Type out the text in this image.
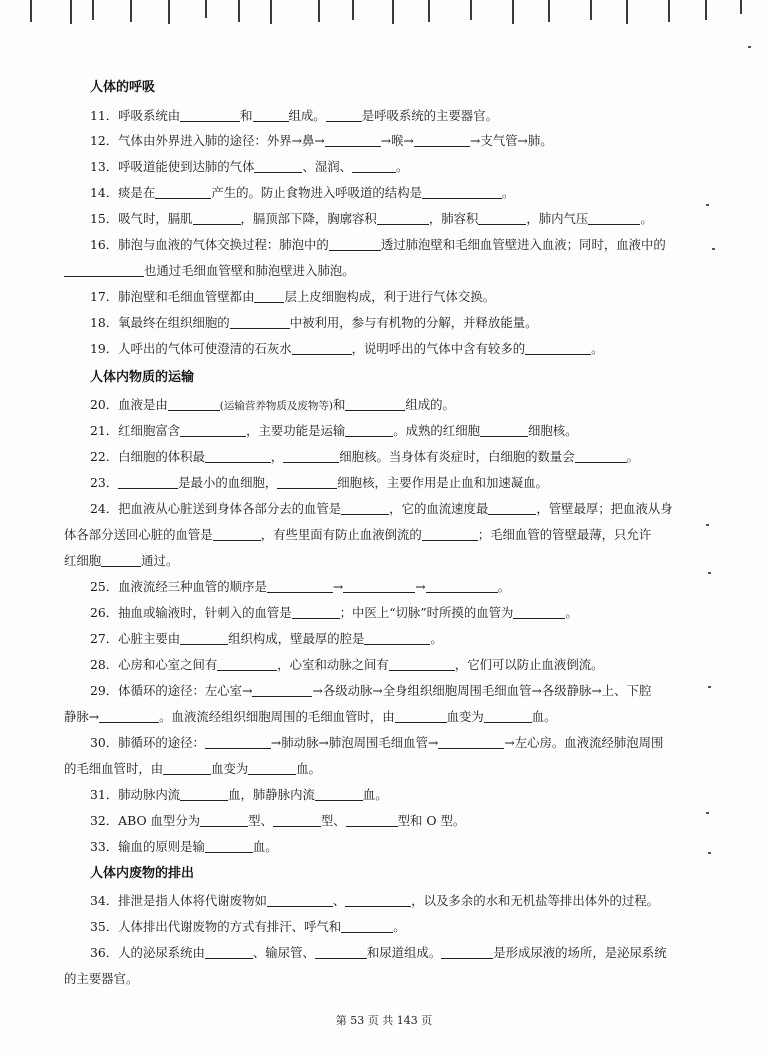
人体的呼吸
11．呼吸系统由	和	组成。	是呼吸系统的主要器官。
12．气体由外界进入肺的途径：外界→鼻→	→喉→	→支气管→肺。
13．呼吸道能使到达肺的气体	、湿润、	。
14．痰是在	产生的。防止食物进入呼吸道的结构是	。
15．吸气时，膈肌	，膈顶部下降，胸廓容积	，肺容积	，肺内气压	。
16．肺泡与血液的气体交换过程：肺泡中的	透过肺泡壁和毛细血管壁进入血液；同时，血液中的
也通过毛细血管壁和肺泡壁进入肺泡。
17．肺泡壁和毛细血管壁都由 层上皮细胞构成，利于进行气体交换。
18．氧最终在组织细胞的	中被利用，参与有机物的分解，并释放能量。
19．人呼出的气体可使澄清的石灰水	，说明呼出的气体中含有较多的	。
人体内物质的运输
20．血液是由	(运输营养物质及废物等)和	组成的。
21．红细胞富含	，主要功能是运输	。成熟的红细胞	细胞核。
22．白细胞的体积最	，	细胞核。当身体有炎症时，白细胞的数量会	。
23．	是最小的血细胞，	细胞核，主要作用是止血和加速凝血。
24．把血液从心脏送到身体各部分去的血管是	，它的血流速度最	，管壁最厚；把血液从身
体各部分送回心脏的血管是	，有些里面有防止血液倒流的	；毛细血管的管壁最薄，只允许
红细胞	通过。
25．血液流经三种血管的顺序是	→	→	。
26．抽血或输液时，针刺入的血管是	；中医上“切脉”时所摸的血管为	。
27．心脏主要由	组织构成，壁最厚的腔是	。
28．心房和心室之间有	，心室和动脉之间有	，它们可以防止血液倒流。
29．体循环的途径：左心室→	→各级动脉→全身组织细胞周围毛细血管→各级静脉→上、下腔
静脉→	。血液流经组织细胞周围的毛细血管时，由	血变为	血。
30．肺循环的途径：	→肺动脉→肺泡周围毛细血管→	→左心房。血液流经肺泡周围
的毛细血管时，由	血变为	血。
31．肺动脉内流	血，肺静脉内流	血。
32．ABO 血型分为	型、	型、	型和 O 型。
33．输血的原则是输	血。
人体内废物的排出
34．排泄是指人体将代谢废物如	、	，以及多余的水和无机盐等排出体外的过程。
35．人体排出代谢废物的方式有排汗、呼气和	。
36．人的泌尿系统由	、输尿管、	和尿道组成。	是形成尿液的场所，是泌尿系统
的主要器官。
第 53 页 共 143 页
